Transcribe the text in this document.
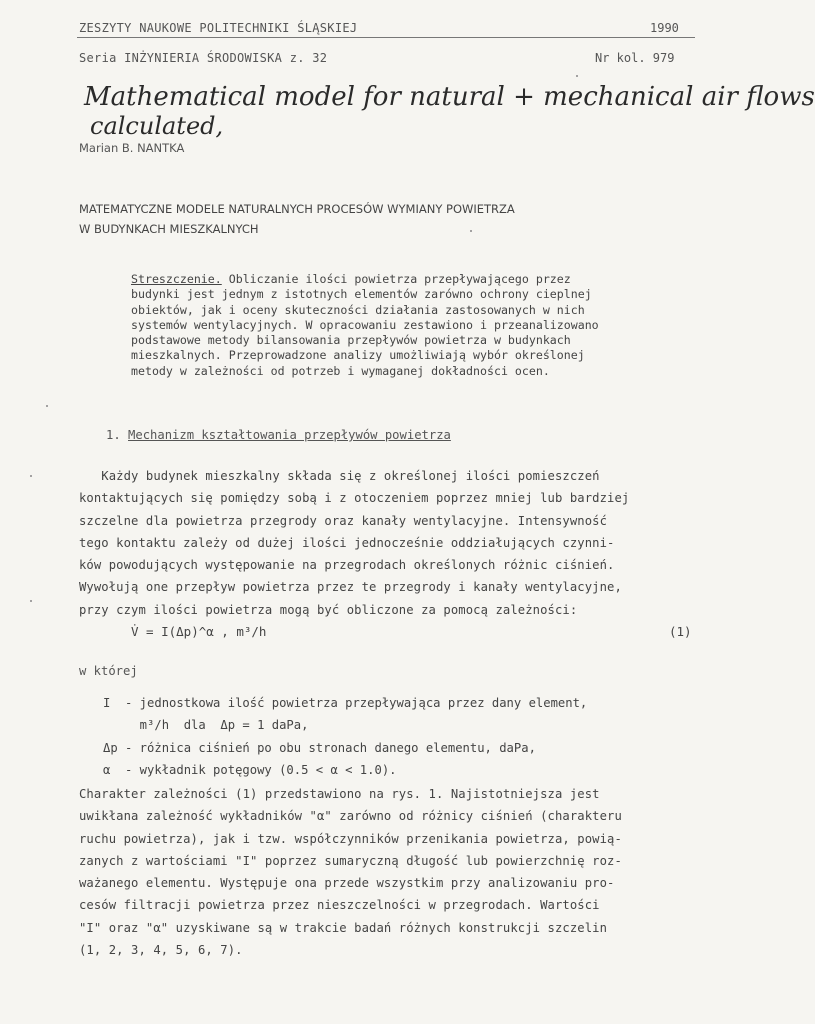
ZESZYTY NAUKOWE POLITECHNIKI ŚLĄSKIEJ	1990
Seria INŻYNIERIA ŚRODOWISKA z. 32	Nr kol. 979
Mathematical model for natural + mechanical air flows
calculated,
Marian B. NANTKA
MATEMATYCZNE MODELE NATURALNYCH PROCESÓW WYMIANY POWIETRZA
W BUDYNKACH MIESZKALNYCH
Streszczenie. Obliczanie ilości powietrza przepływającego przez
budynki jest jednym z istotnych elementów zarówno ochrony cieplnej
obiektów, jak i oceny skuteczności działania zastosowanych w nich
systemów wentylacyjnych. W opracowaniu zestawiono i przeanalizowano
podstawowe metody bilansowania przepływów powietrza w budynkach
mieszkalnych. Przeprowadzone analizy umożliwiają wybór określonej
metody w zależności od potrzeb i wymaganej dokładności ocen.
1. Mechanizm kształtowania przepływów powietrza
Każdy budynek mieszkalny składa się z określonej ilości pomieszczeń
kontaktujących się pomiędzy sobą i z otoczeniem poprzez mniej lub bardziej
szczelne dla powietrza przegrody oraz kanały wentylacyjne. Intensywność
tego kontaktu zależy od dużej ilości jednocześnie oddziałujących czynni-
ków powodujących występowanie na przegrodach określonych różnic ciśnień.
Wywołują one przepływ powietrza przez te przegrody i kanały wentylacyjne,
przy czym ilości powietrza mogą być obliczone za pomocą zależności:
V̇ = I(Δp)^α , m³/h	(1)
w której
I  - jednostkowa ilość powietrza przepływająca przez dany element,
m³/h  dla  Δp = 1 daPa,
Δp - różnica ciśnień po obu stronach danego elementu, daPa,
α  - wykładnik potęgowy (0.5 < α < 1.0).
Charakter zależności (1) przedstawiono na rys. 1. Najistotniejsza jest
uwikłana zależność wykładników "α" zarówno od różnicy ciśnień (charakteru
ruchu powietrza), jak i tzw. współczynników przenikania powietrza, powią-
zanych z wartościami "I" poprzez sumaryczną długość lub powierzchnię roz-
ważanego elementu. Występuje ona przede wszystkim przy analizowaniu pro-
cesów filtracji powietrza przez nieszczelności w przegrodach. Wartości
"I" oraz "α" uzyskiwane są w trakcie badań różnych konstrukcji szczelin
(1, 2, 3, 4, 5, 6, 7).
